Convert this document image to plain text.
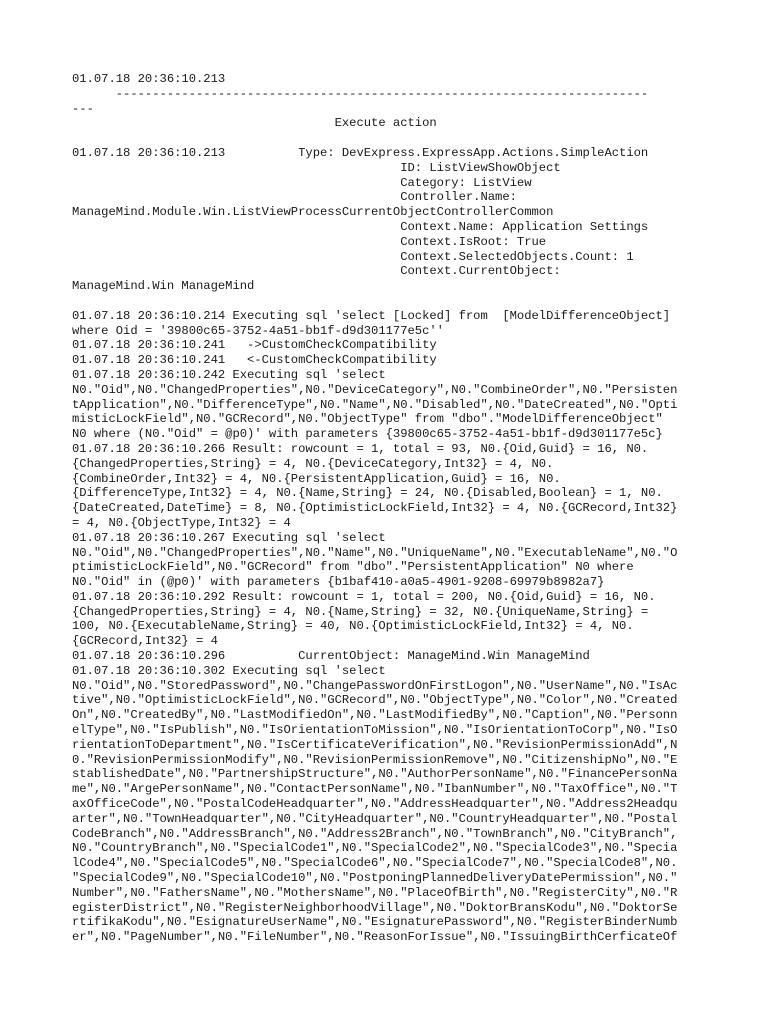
01.07.18 20:36:10.213
-------------------------------------------------------------------------
---
Execute action
01.07.18 20:36:10.213          Type: DevExpress.ExpressApp.Actions.SimpleAction
ID: ListViewShowObject
Category: ListView
Controller.Name:
ManageMind.Module.Win.ListViewProcessCurrentObjectControllerCommon
Context.Name: Application Settings
Context.IsRoot: True
Context.SelectedObjects.Count: 1
Context.CurrentObject:
ManageMind.Win ManageMind
01.07.18 20:36:10.214 Executing sql 'select [Locked] from  [ModelDifferenceObject]
where Oid = '39800c65-3752-4a51-bb1f-d9d301177e5c''
01.07.18 20:36:10.241   ->CustomCheckCompatibility
01.07.18 20:36:10.241   <-CustomCheckCompatibility
01.07.18 20:36:10.242 Executing sql 'select
N0."Oid",N0."ChangedProperties",N0."DeviceCategory",N0."CombineOrder",N0."Persisten
tApplication",N0."DifferenceType",N0."Name",N0."Disabled",N0."DateCreated",N0."Opti
misticLockField",N0."GCRecord",N0."ObjectType" from "dbo"."ModelDifferenceObject"
N0 where (N0."Oid" = @p0)' with parameters {39800c65-3752-4a51-bb1f-d9d301177e5c}
01.07.18 20:36:10.266 Result: rowcount = 1, total = 93, N0.{Oid,Guid} = 16, N0.
{ChangedProperties,String} = 4, N0.{DeviceCategory,Int32} = 4, N0.
{CombineOrder,Int32} = 4, N0.{PersistentApplication,Guid} = 16, N0.
{DifferenceType,Int32} = 4, N0.{Name,String} = 24, N0.{Disabled,Boolean} = 1, N0.
{DateCreated,DateTime} = 8, N0.{OptimisticLockField,Int32} = 4, N0.{GCRecord,Int32}
= 4, N0.{ObjectType,Int32} = 4
01.07.18 20:36:10.267 Executing sql 'select
N0."Oid",N0."ChangedProperties",N0."Name",N0."UniqueName",N0."ExecutableName",N0."O
ptimisticLockField",N0."GCRecord" from "dbo"."PersistentApplication" N0 where
N0."Oid" in (@p0)' with parameters {b1baf410-a0a5-4901-9208-69979b8982a7}
01.07.18 20:36:10.292 Result: rowcount = 1, total = 200, N0.{Oid,Guid} = 16, N0.
{ChangedProperties,String} = 4, N0.{Name,String} = 32, N0.{UniqueName,String} =
100, N0.{ExecutableName,String} = 40, N0.{OptimisticLockField,Int32} = 4, N0.
{GCRecord,Int32} = 4
01.07.18 20:36:10.296          CurrentObject: ManageMind.Win ManageMind
01.07.18 20:36:10.302 Executing sql 'select
N0."Oid",N0."StoredPassword",N0."ChangePasswordOnFirstLogon",N0."UserName",N0."IsAc
tive",N0."OptimisticLockField",N0."GCRecord",N0."ObjectType",N0."Color",N0."Created
On",N0."CreatedBy",N0."LastModifiedOn",N0."LastModifiedBy",N0."Caption",N0."Personn
elType",N0."IsPublish",N0."IsOrientationToMission",N0."IsOrientationToCorp",N0."IsO
rientationToDepartment",N0."IsCertificateVerification",N0."RevisionPermissionAdd",N
0."RevisionPermissionModify",N0."RevisionPermissionRemove",N0."CitizenshipNo",N0."E
stablishedDate",N0."PartnershipStructure",N0."AuthorPersonName",N0."FinancePersonNa
me",N0."ArgePersonName",N0."ContactPersonName",N0."IbanNumber",N0."TaxOffice",N0."T
axOfficeCode",N0."PostalCodeHeadquarter",N0."AddressHeadquarter",N0."Address2Headqu
arter",N0."TownHeadquarter",N0."CityHeadquarter",N0."CountryHeadquarter",N0."Postal
CodeBranch",N0."AddressBranch",N0."Address2Branch",N0."TownBranch",N0."CityBranch",
N0."CountryBranch",N0."SpecialCode1",N0."SpecialCode2",N0."SpecialCode3",N0."Specia
lCode4",N0."SpecialCode5",N0."SpecialCode6",N0."SpecialCode7",N0."SpecialCode8",N0.
"SpecialCode9",N0."SpecialCode10",N0."PostponingPlannedDeliveryDatePermission",N0."
Number",N0."FathersName",N0."MothersName",N0."PlaceOfBirth",N0."RegisterCity",N0."R
egisterDistrict",N0."RegisterNeighborhoodVillage",N0."DoktorBransKodu",N0."DoktorSe
rtifikaKodu",N0."EsignatureUserName",N0."EsignaturePassword",N0."RegisterBinderNumb
er",N0."PageNumber",N0."FileNumber",N0."ReasonForIssue",N0."IssuingBirthCerficateOf
